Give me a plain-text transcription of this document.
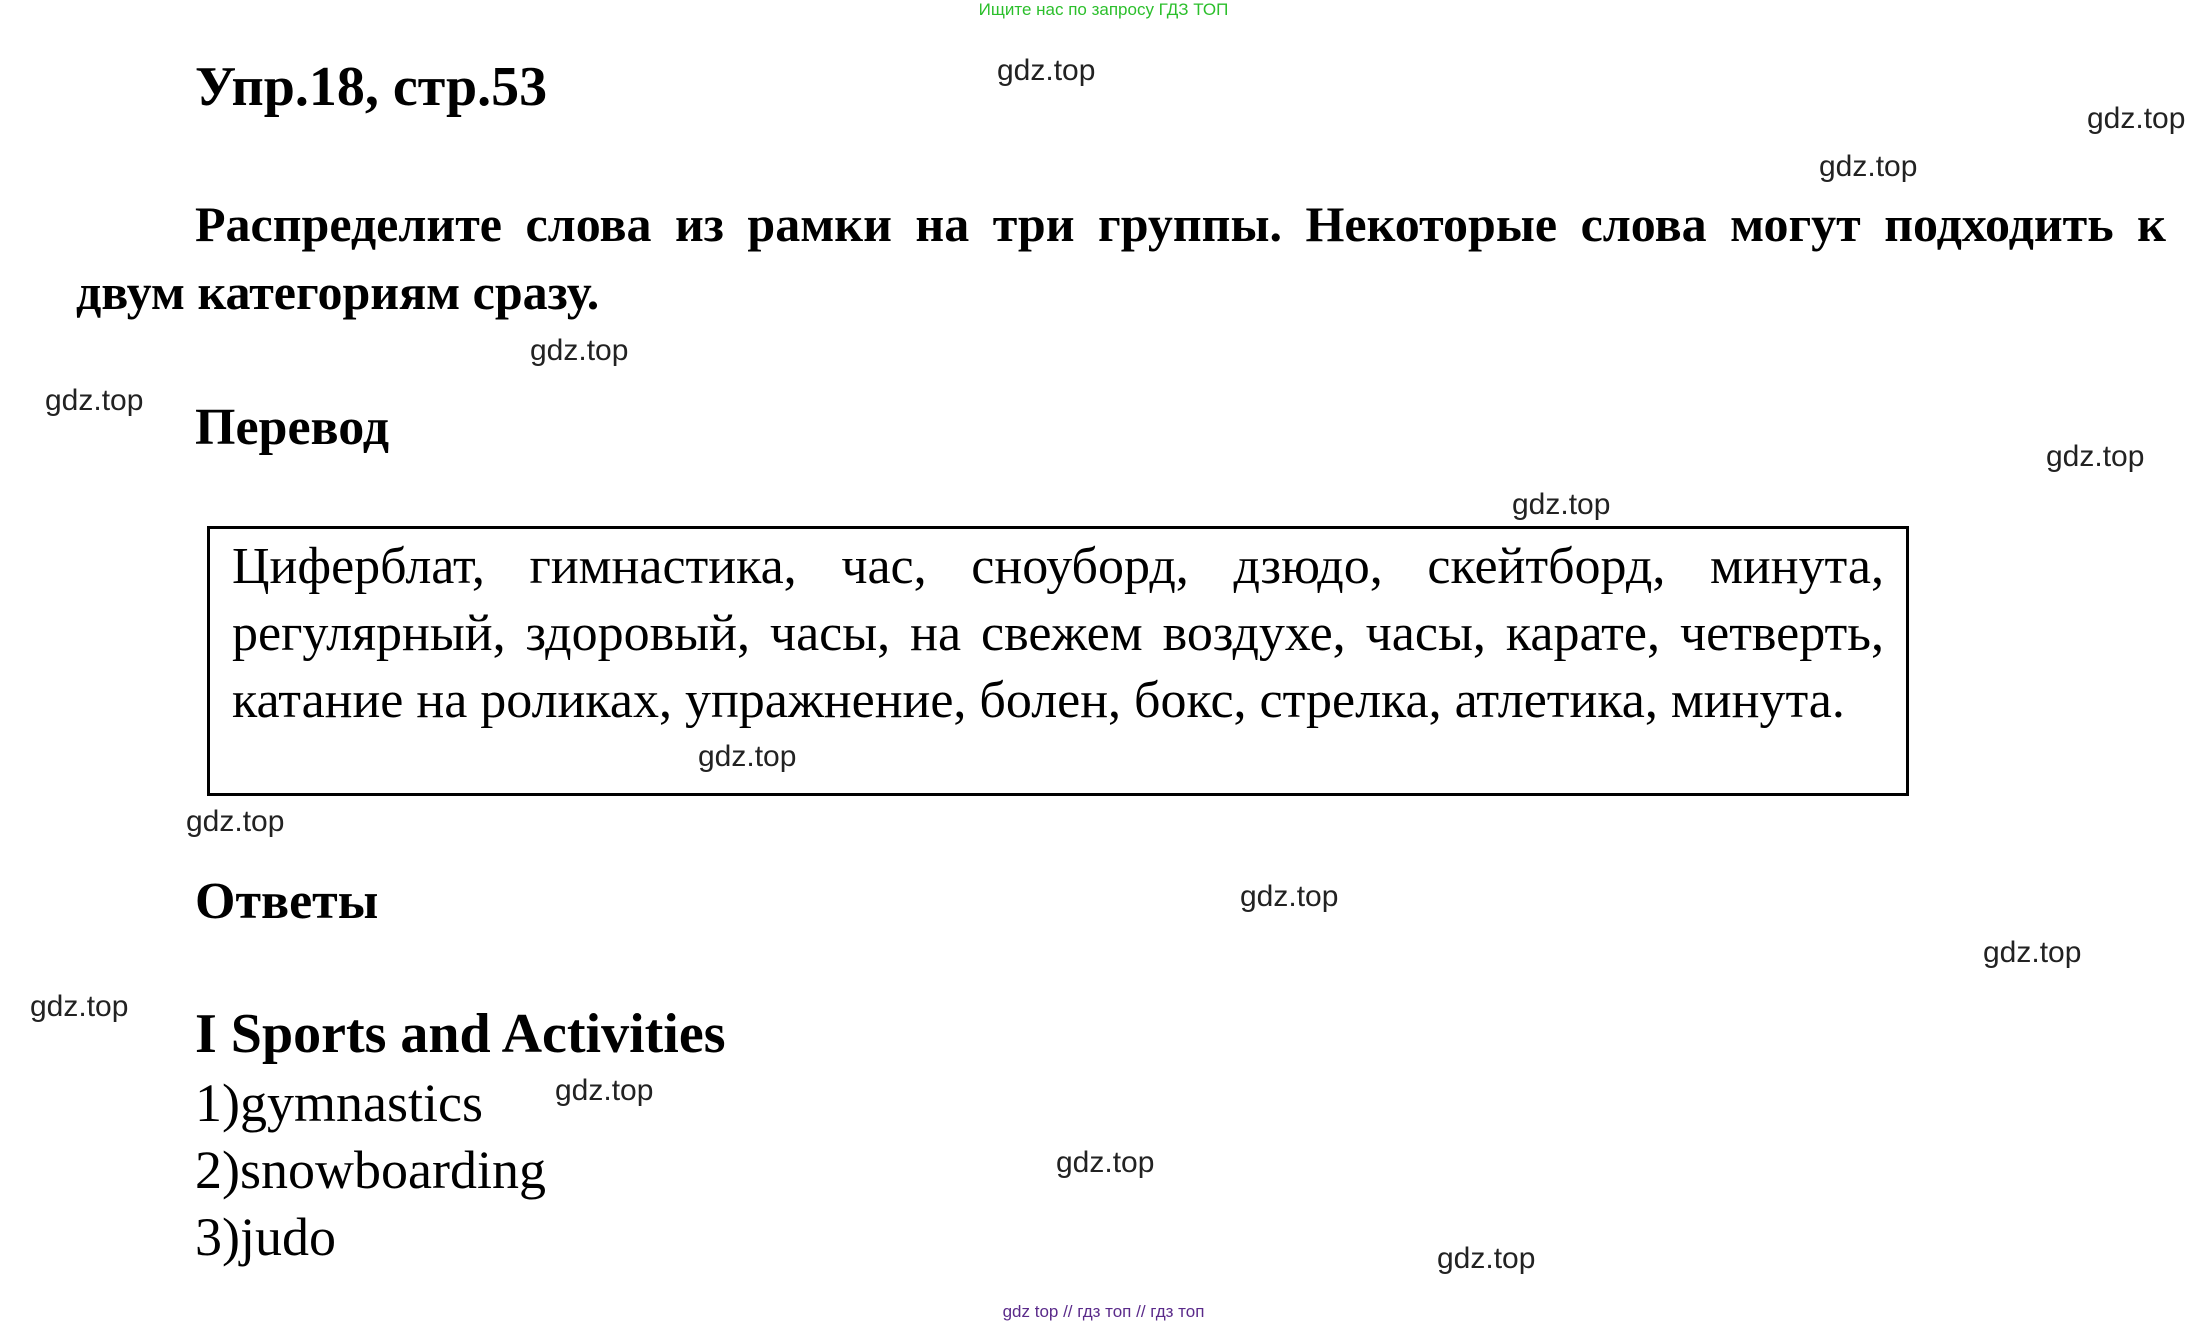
Ищите нас по запросу ГДЗ ТОП
Упр.18, стр.53

Распределите слова из рамки на три группы. Некоторые слова могут подходить к двум категориям сразу.

Перевод

Циферблат, гимнастика, час, сноуборд, дзюдо, скейтборд, минута, регулярный, здоровый, часы, на свежем воздухе, часы, карате, четверть, катание на роликах, упражнение, болен, бокс, стрелка, атлетика, минута.

Ответы
I Sports and Activities
1)gymnastics
2)snowboarding
3)judo
gdz.top
gdz.top
gdz.top
gdz.top
gdz.top
gdz.top
gdz.top
gdz.top
gdz.top
gdz.top
gdz.top
gdz.top
gdz.top
gdz.top
gdz.top
gdz top // гдз топ // гдз топ
